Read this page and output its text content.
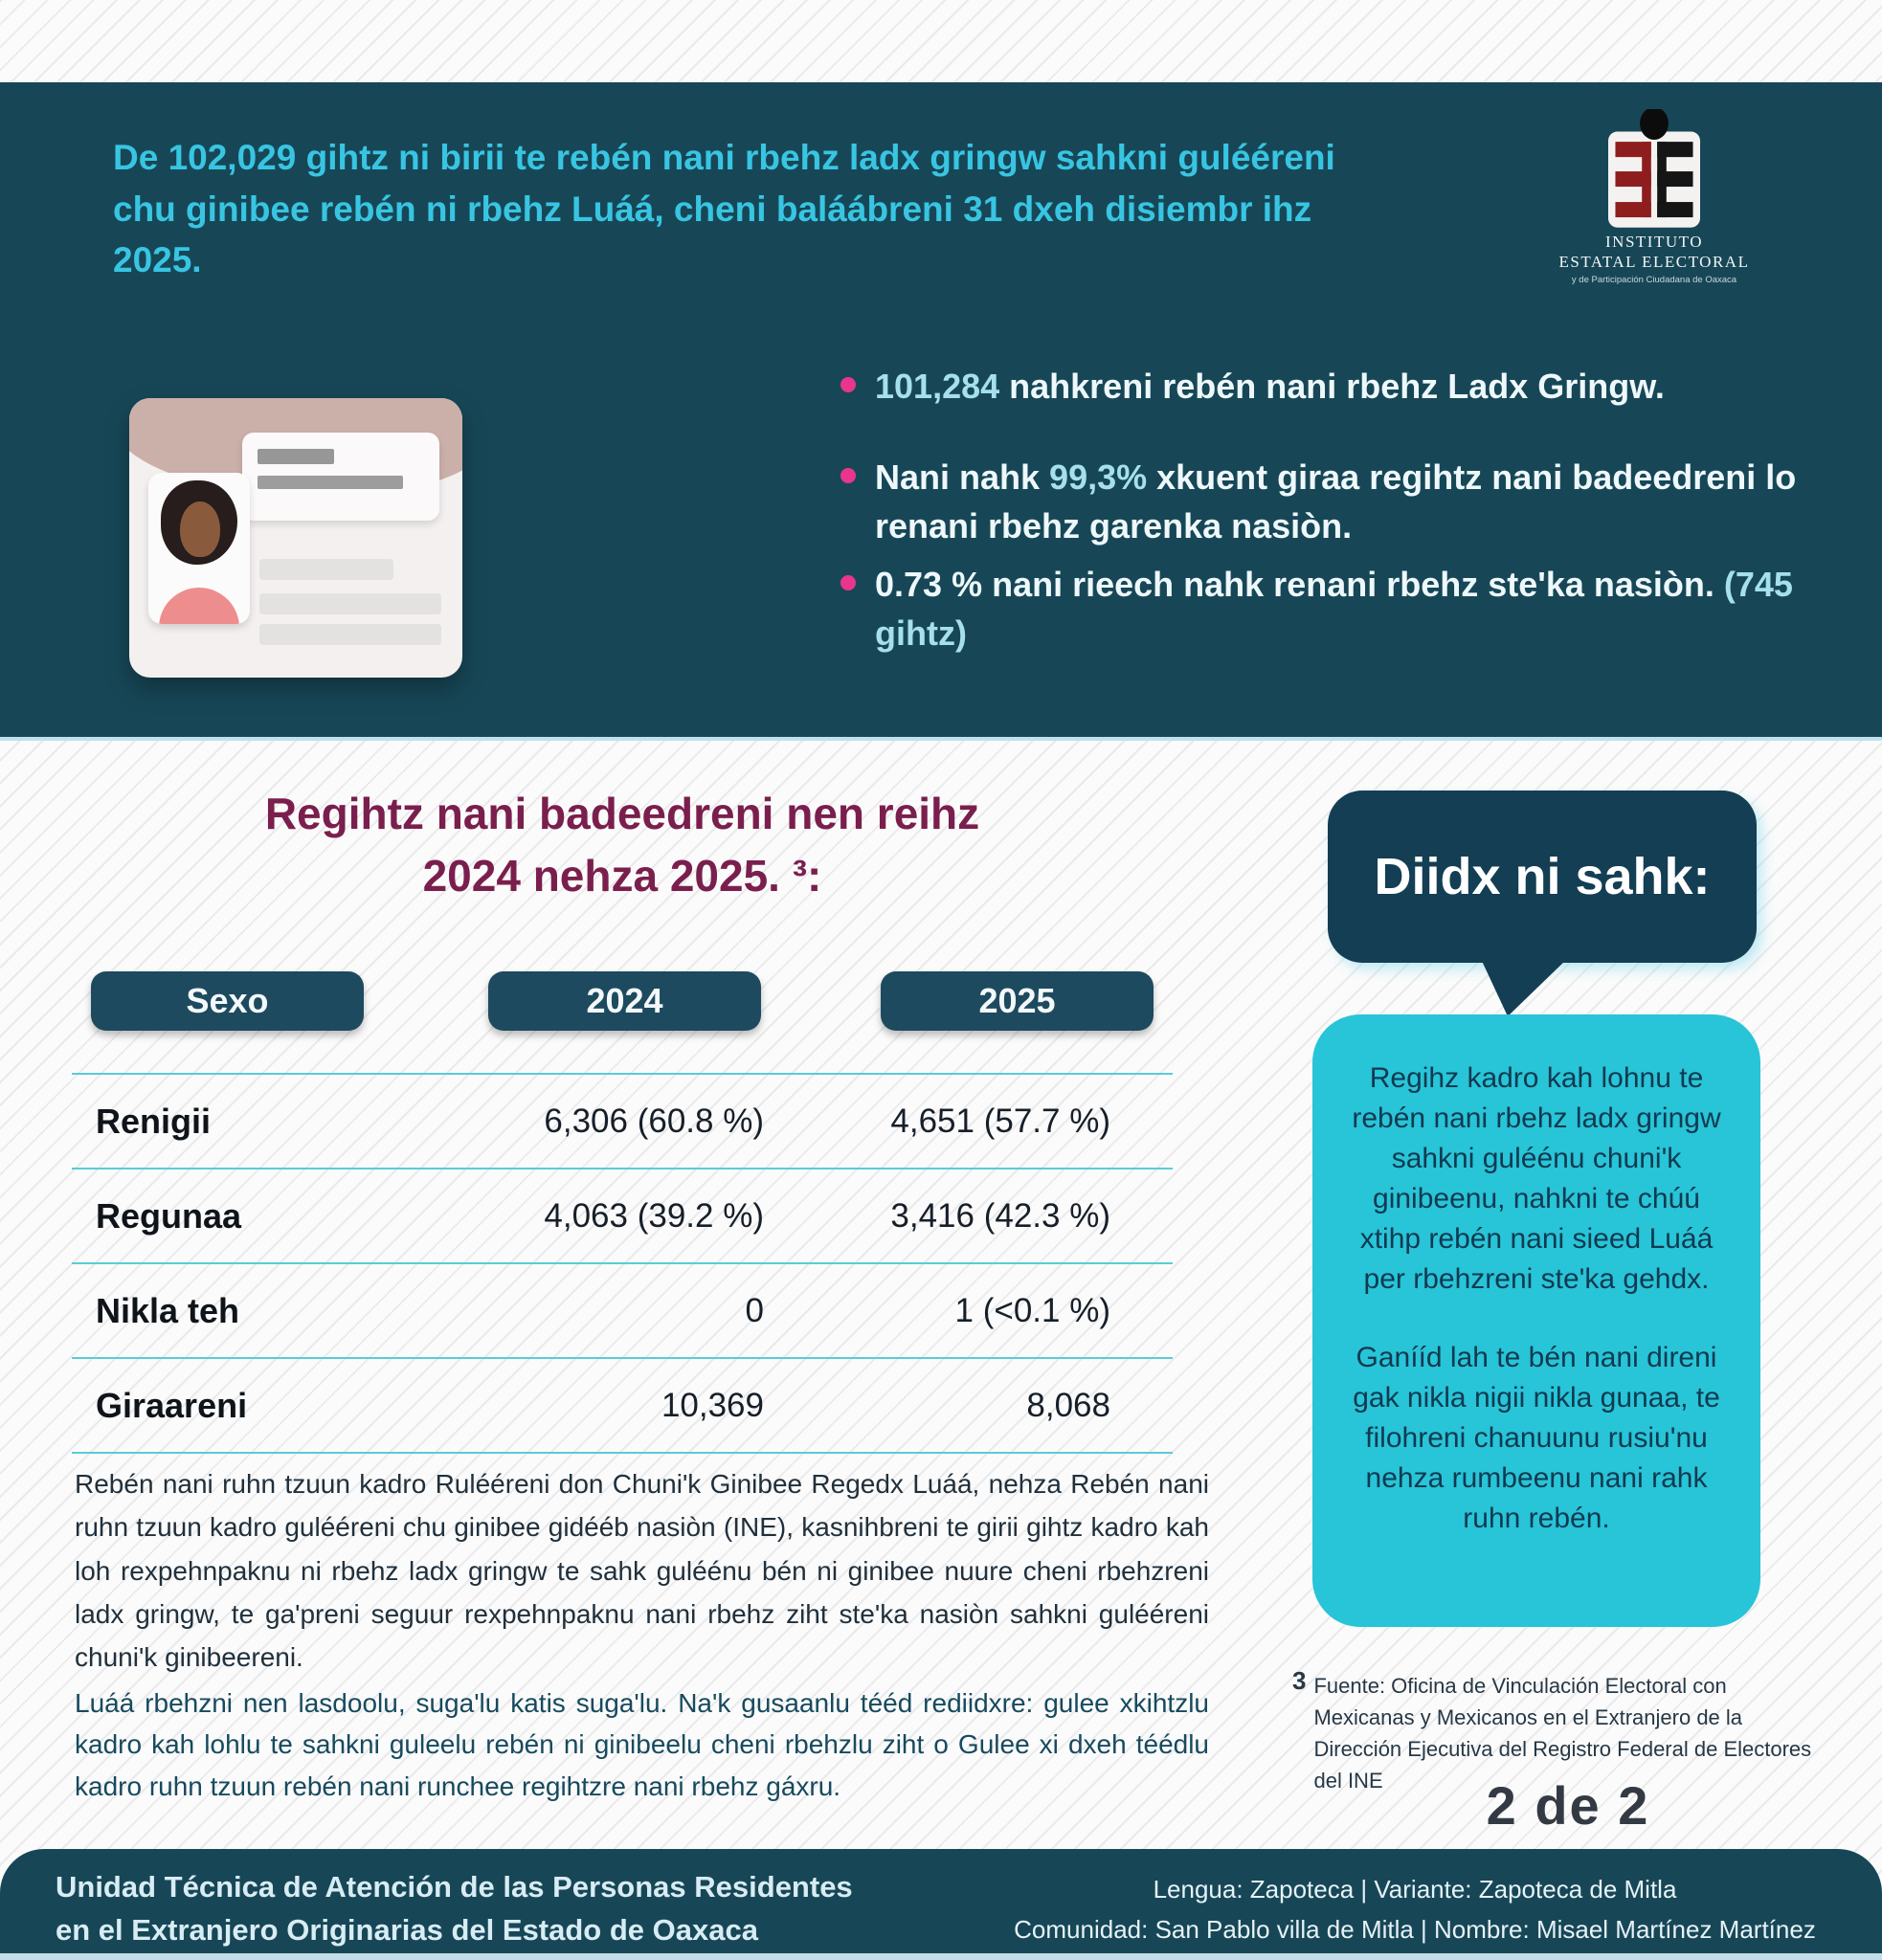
De 102,029 gihtz ni birii te rebén nani rbehz ladx gringw sahkni gulééreni chu ginibee rebén ni rbehz Luáá, cheni baláábreni 31 dxeh disiembr ihz 2025.	INSTITUTO
ESTATAL ELECTORAL
y de Participación Ciudadana de Oaxaca
101,284 nahkreni rebén nani rbehz Ladx Gringw.
Nani nahk 99,3% xkuent giraa regihtz nani badeedreni lo renani rbehz garenka nasiòn.
0.73 % nani rieech nahk renani rbehz ste'ka nasiòn. (745 gihtz)
Regihtz nani badeedreni nen reihz
2024 nehza 2025. ³:
Sexo	2024	2025
Renigii	6,306 (60.8 %)	4,651 (57.7 %)
Regunaa	4,063 (39.2 %)	3,416 (42.3 %)
Nikla teh	0	1 (<0.1 %)
Giraareni	10,369	8,068
Diidx ni sahk:
Regihz kadro kah lohnu te rebén nani rbehz ladx gringw sahkni guléénu chuni'k ginibeenu, nahkni te chúú xtihp rebén nani sieed Luáá per rbehzreni ste'ka gehdx.
Ganííd lah te bén nani direni gak nikla nigii nikla gunaa, te filohreni chanuunu rusiu'nu nehza rumbeenu nani rahk ruhn rebén.
Rebén nani ruhn tzuun kadro Rulééreni don Chuni'k Ginibee Regedx Luáá, nehza Rebén nani ruhn tzuun kadro gulééreni chu ginibee gidééb nasiòn (INE), kasnihbreni te girii gihtz kadro kah loh rexpehnpaknu ni rbehz ladx gringw te sahk guléénu bén ni ginibee nuure cheni rbehzreni ladx gringw, te ga'preni seguur rexpehnpaknu nani rbehz ziht ste'ka nasiòn sahkni gulééreni chuni'k ginibeereni.
Luáá rbehzni nen lasdoolu, suga'lu katis suga'lu. Na'k gusaanlu tééd rediidxre: gulee xkihtzlu kadro kah lohlu te sahkni guleelu rebén ni ginibeelu cheni rbehzlu ziht o Gulee xi dxeh téédlu kadro ruhn tzuun rebén nani runchee regihtzre nani rbehz gáxru.
3 Fuente: Oficina de Vinculación Electoral con Mexicanas y Mexicanos en el Extranjero de la Dirección Ejecutiva del Registro Federal de Electores del INE	2 de 2
Unidad Técnica de Atención de las Personas Residentes
en el Extranjero Originarias del Estado de Oaxaca
Lengua: Zapoteca | Variante: Zapoteca de Mitla
Comunidad: San Pablo villa de Mitla | Nombre: Misael Martínez Martínez
